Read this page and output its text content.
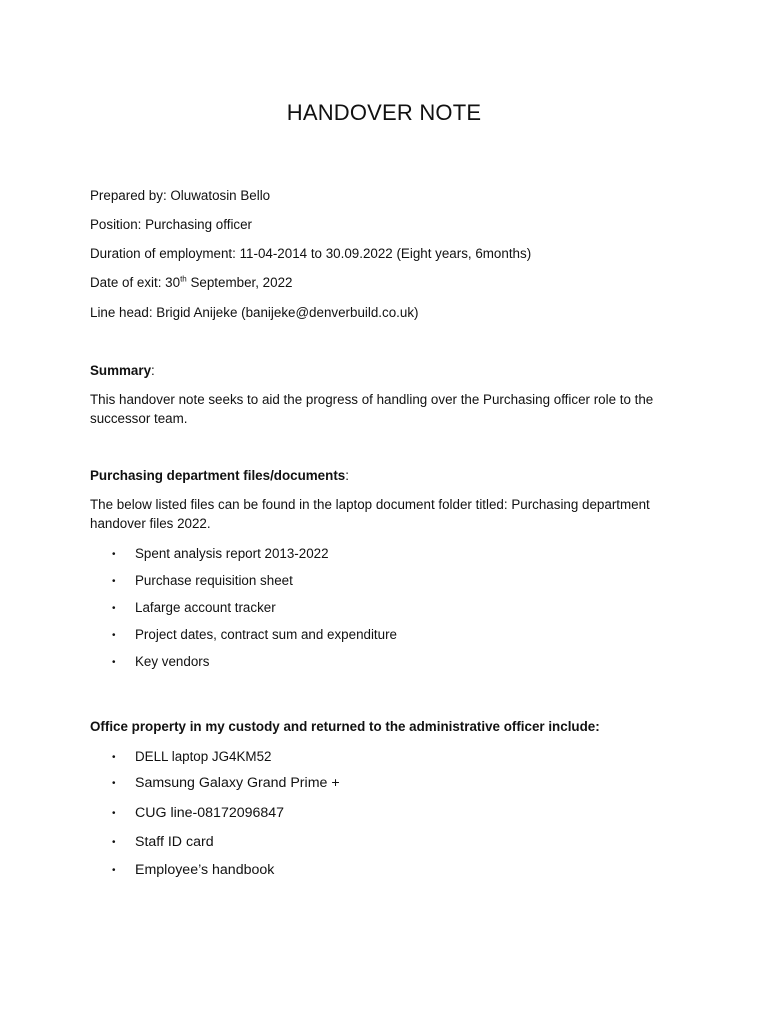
HANDOVER NOTE
Prepared by: Oluwatosin Bello
Position: Purchasing officer
Duration of employment: 11-04-2014 to 30.09.2022 (Eight years, 6months)
Date of exit: 30th September, 2022
Line head: Brigid Anijeke (banijeke@denverbuild.co.uk)
Summary:
This handover note seeks to aid the progress of handling over the Purchasing officer role to the successor team.
Purchasing department files/documents:
The below listed files can be found in the laptop document folder titled: Purchasing department handover files 2022.
• Spent analysis report 2013-2022
• Purchase requisition sheet
• Lafarge account tracker
• Project dates, contract sum and expenditure
• Key vendors
Office property in my custody and returned to the administrative officer include:
• DELL laptop JG4KM52
• Samsung Galaxy Grand Prime +
• CUG line-08172096847
• Staff ID card
• Employee’s handbook
